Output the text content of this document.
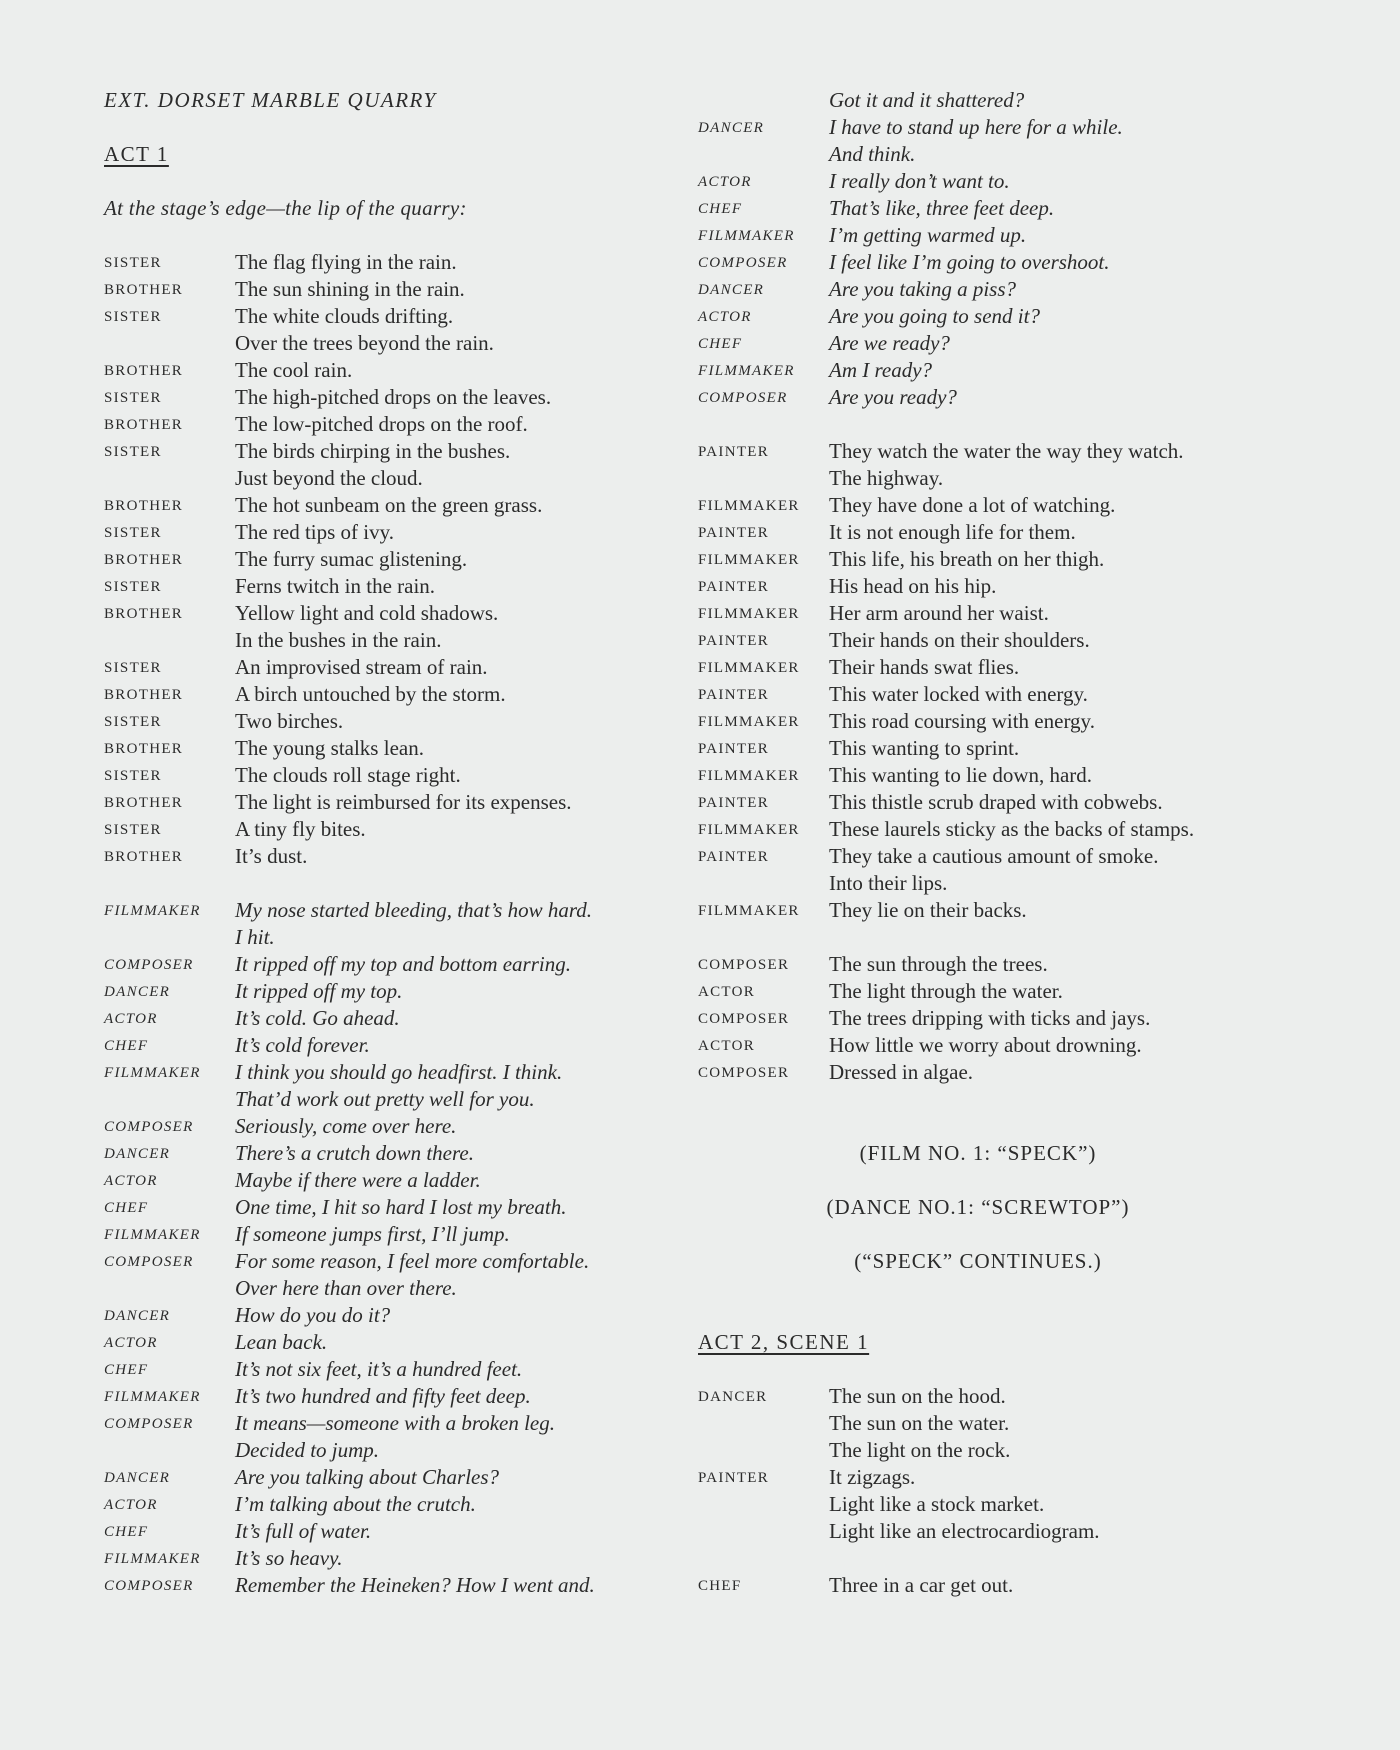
EXT. DORSET MARBLE QUARRY
ACT 1
At the stage’s edge—the lip of the quarry:
SISTER	The flag flying in the rain.
BROTHER The sun shining in the rain.
SISTER	The white clouds drifting.
Over the trees beyond the rain.
BROTHER The cool rain.
SISTER	The high-pitched drops on the leaves.
BROTHER The low-pitched drops on the roof.
SISTER	The birds chirping in the bushes.
Just beyond the cloud.
BROTHER The hot sunbeam on the green grass.
SISTER	The red tips of ivy.
BROTHER The furry sumac glistening.
SISTER	Ferns twitch in the rain.
BROTHER Yellow light and cold shadows.
In the bushes in the rain.
SISTER	An improvised stream of rain.
BROTHER A birch untouched by the storm.
SISTER	Two birches.
BROTHER The young stalks lean.
SISTER	The clouds roll stage right.
BROTHER The light is reimbursed for its expenses.
SISTER	A tiny fly bites.
BROTHER It’s dust.
FILMMAKER My nose started bleeding, that’s how hard.
I hit.
COMPOSER It ripped off my top and bottom earring.
DANCER	It ripped off my top.
ACTOR	It’s cold. Go ahead.
CHEF	It’s cold forever.
FILMMAKER I think you should go headfirst. I think.
That’d work out pretty well for you.
COMPOSER Seriously, come over here.
DANCER	There’s a crutch down there.
ACTOR	Maybe if there were a ladder.
CHEF	One time, I hit so hard I lost my breath.
FILMMAKER If someone jumps first, I’ll jump.
COMPOSER For some reason, I feel more comfortable.
Over here than over there.
DANCER	How do you do it?
ACTOR	Lean back.
CHEF	It’s not six feet, it’s a hundred feet.
FILMMAKER It’s two hundred and fifty feet deep.
COMPOSER It means—someone with a broken leg.
Decided to jump.
DANCER	Are you talking about Charles?
ACTOR	I’m talking about the crutch.
CHEF	It’s full of water.
FILMMAKER It’s so heavy.
COMPOSER Remember the Heineken? How I went and.
Got it and it shattered?
DANCER	I have to stand up here for a while.
And think.
ACTOR	I really don’t want to.
CHEF	That’s like, three feet deep.
FILMMAKER I’m getting warmed up.
COMPOSER I feel like I’m going to overshoot.
DANCER	Are you taking a piss?
ACTOR	Are you going to send it?
CHEF	Are we ready?
FILMMAKER Am I ready?
COMPOSER Are you ready?
PAINTER	They watch the water the way they watch.
The highway.
FILMMAKER They have done a lot of watching.
PAINTER	It is not enough life for them.
FILMMAKER This life, his breath on her thigh.
PAINTER	His head on his hip.
FILMMAKER Her arm around her waist.
PAINTER	Their hands on their shoulders.
FILMMAKER Their hands swat flies.
PAINTER	This water locked with energy.
FILMMAKER This road coursing with energy.
PAINTER	This wanting to sprint.
FILMMAKER This wanting to lie down, hard.
PAINTER	This thistle scrub draped with cobwebs.
FILMMAKER These laurels sticky as the backs of stamps.
PAINTER	They take a cautious amount of smoke.
Into their lips.
FILMMAKER They lie on their backs.
COMPOSER The sun through the trees.
ACTOR	The light through the water.
COMPOSER The trees dripping with ticks and jays.
ACTOR	How little we worry about drowning.
COMPOSER Dressed in algae.
(FILM NO. 1: “SPECK”)
(DANCE NO.1: “SCREWTOP”)
(“SPECK” CONTINUES.)
ACT 2, SCENE 1
DANCER	The sun on the hood.
The sun on the water.
The light on the rock.
PAINTER	It zigzags.
Light like a stock market.
Light like an electrocardiogram.
CHEF	Three in a car get out.
